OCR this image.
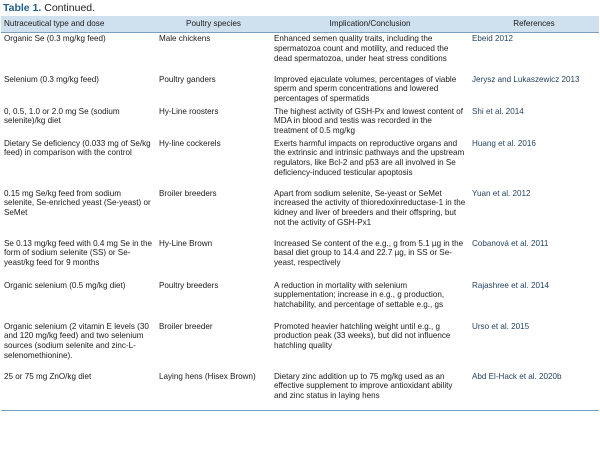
Table 1. Continued.
Nutraceutical type and dose	Poultry species	Implication/Conclusion	References
Organic Se (0.3 mg/kg feed)	Male chickens	Enhanced semen quality traits, including the spermatozoa count and motility, and reduced the dead spermatozoa, under heat stress conditions	Ebeid 2012
Selenium (0.3 mg/kg feed)	Poultry ganders	Improved ejaculate volumes, percentages of viable sperm and sperm concentrations and lowered percentages of spermatids	Jerysz and Lukaszewicz 2013
0, 0.5, 1.0 or 2.0 mg Se (sodium selenite)/kg diet	Hy-Line roosters	The highest activity of GSH-Px and lowest content of MDA in blood and testis was recorded in the treatment of 0.5 mg/kg	Shi et al. 2014
Dietary Se deficiency (0.033 mg of Se/kg feed) in comparison with the control	Hy-line cockerels	Exerts harmful impacts on reproductive organs and the extrinsic and intrinsic pathways and the upstream regulators, like Bcl-2 and p53 are all involved in Se deficiency-induced testicular apoptosis	Huang et al. 2016
0.15 mg Se/kg feed from sodium selenite, Se-enriched yeast (Se-yeast) or SeMet	Broiler breeders	Apart from sodium selenite, Se-yeast or SeMet increased the activity of thioredoxinreductase-1 in the kidney and liver of breeders and their offspring, but not the activity of GSH-Px1	Yuan et al. 2012
Se 0.13 mg/kg feed with 0.4 mg Se in the form of sodium selenite (SS) or Se-yeast/kg feed for 9 months	Hy-Line Brown	Increased Se content of the e.g., g from 5.1 µg in the basal diet group to 14.4 and 22.7 µg, in SS or Se-yeast, respectively	Cobanová et al. 2011
Organic selenium (0.5 mg/kg diet)	Poultry breeders	A reduction in mortality with selenium supplementation; increase in e.g., g production, hatchability, and percentage of settable e.g., gs	Rajashree et al. 2014
Organic selenium (2 vitamin E levels (30 and 120 mg/kg feed) and two selenium sources (sodium selenite and zinc-L-selenomethionine).	Broiler breeder	Promoted heavier hatchling weight until e.g., g production peak (33 weeks), but did not influence hatchling quality	Urso et al. 2015
25 or 75 mg ZnO/kg diet	Laying hens (Hisex Brown)	Dietary zinc addition up to 75 mg/kg used as an effective supplement to improve antioxidant ability and zinc status in laying hens	Abd El-Hack et al. 2020b
